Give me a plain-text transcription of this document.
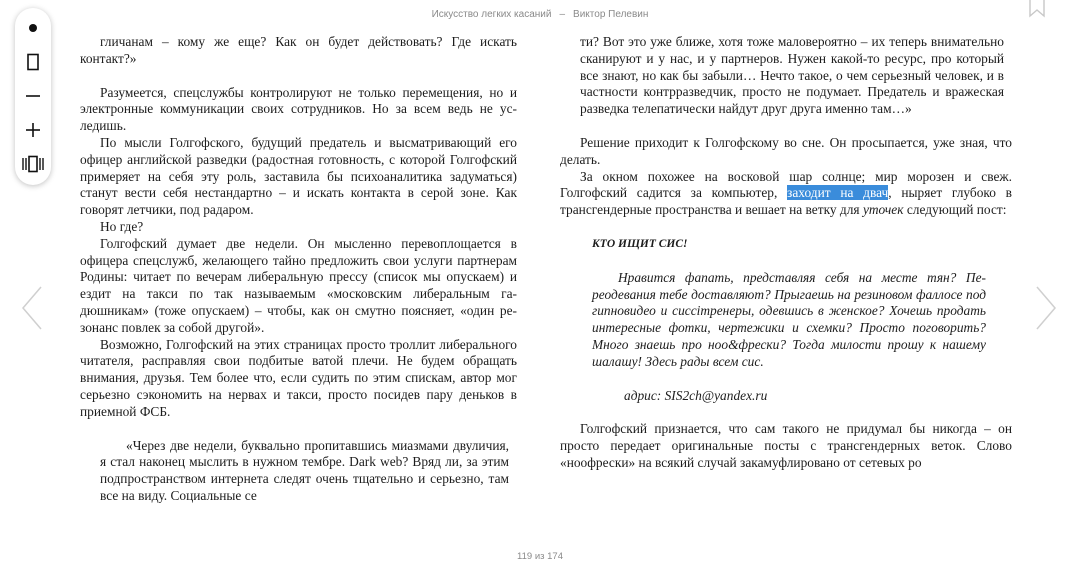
Искусство легких касаний – Виктор Пелевин

гличанам – кому же еще? Как он будет действовать? Где искать контакт?»

Разумеется, спецслужбы контролируют не только перемещения, но и электронные коммуникации своих сотрудников. Но за всем ведь не уследишь.

По мысли Голгофского, будущий предатель и высматривающий его офицер английской разведки (радостная готовность, с которой Голгофский примеряет на себя эту роль, заставила бы психоаналитика задуматься) станут вести себя нестандартно – и искать контакта в серой зоне. Как говорят летчики, под радаром.

Но где?

Голгофский думает две недели. Он мысленно перевоплощается в офицера спецслужб, желающего тайно предложить свои услуги партнерам Родины: читает по вечерам либеральную прессу (список мы опускаем) и ездит на такси по так называемым «московским либеральным гадюшникам» (тоже опускаем) – чтобы, как он смутно поясняет, «один резонанс повлек за собой другой».

Возможно, Голгофский на этих страницах просто троллит либерального читателя, расправляя свои подбитые ватой плечи. Не будем обращать внимания, друзья. Тем более что, если судить по этим спискам, автор мог серьезно сэкономить на нервах и такси, просто посидев пару деньков в приемной ФСБ.

«Через две недели, буквально пропитавшись миазмами двуличия, я стал наконец мыслить в нужном тембре. Dark web? Вряд ли, за этим подпространством интернета следят очень тщательно и серьезно, там все на виду. Социальные се

ти? Вот это уже ближе, хотя тоже маловероятно – их теперь внимательно сканируют и у нас, и у партнеров. Нужен какой-то ресурс, про который все знают, но как бы забыли… Нечто такое, о чем серьезный человек, и в частности контрразведчик, просто не подумает. Предатель и вражеская разведка телепатически найдут друг друга именно там…»

Решение приходит к Голгофскому во сне. Он просыпается, уже зная, что делать.

За окном похожее на восковой шар солнце; мир морозен и свеж. Голгофский садится за компьютер, заходит на двач, ныряет глубоко в трансгендерные пространства и вешает на ветку для уточек следующий пост:

КТО ИЩИТ СИС!

Нравится фапать, представляя себя на месте тян? Переодевания тебе доставляют? Прыгаешь на резиновом фаллосе под гипновидео и сиссітренеры, одевшись в женское? Хочешь продать интересные фотки, чертежики и схемки? Просто поговорить? Много знаешь про ноо&фрески? Тогда милости прошу к нашему шалашу! Здесь рады всем сис.

адрис: SIS2ch@yandex.ru

Голгофский признается, что сам такого не придумал бы никогда – он просто передает оригинальные посты с трансгендерных веток. Слово «ноофрески» на всякий случай закамуфлировано от сетевых ро

119 из 174
